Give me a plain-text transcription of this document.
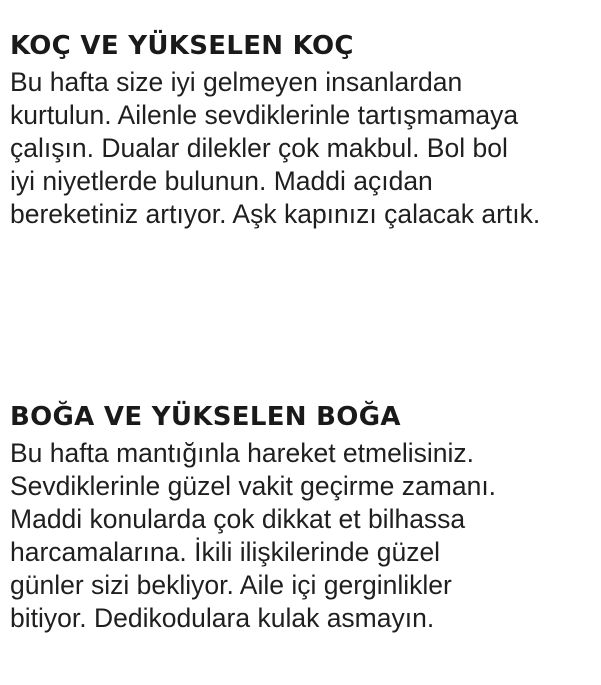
KOÇ VE YÜKSELEN KOÇ
Bu hafta size iyi gelmeyen insanlardan
kurtulun. Ailenle sevdiklerinle tartışmamaya
çalışın. Dualar dilekler çok makbul. Bol bol
iyi niyetlerde bulunun. Maddi açıdan
bereketiniz artıyor. Aşk kapınızı çalacak artık.
BOĞA VE YÜKSELEN BOĞA
Bu hafta mantığınla hareket etmelisiniz.
Sevdiklerinle güzel vakit geçirme zamanı.
Maddi konularda çok dikkat et bilhassa
harcamalarına. İkili ilişkilerinde güzel
günler sizi bekliyor. Aile içi gerginlikler
bitiyor. Dedikodulara kulak asmayın.
